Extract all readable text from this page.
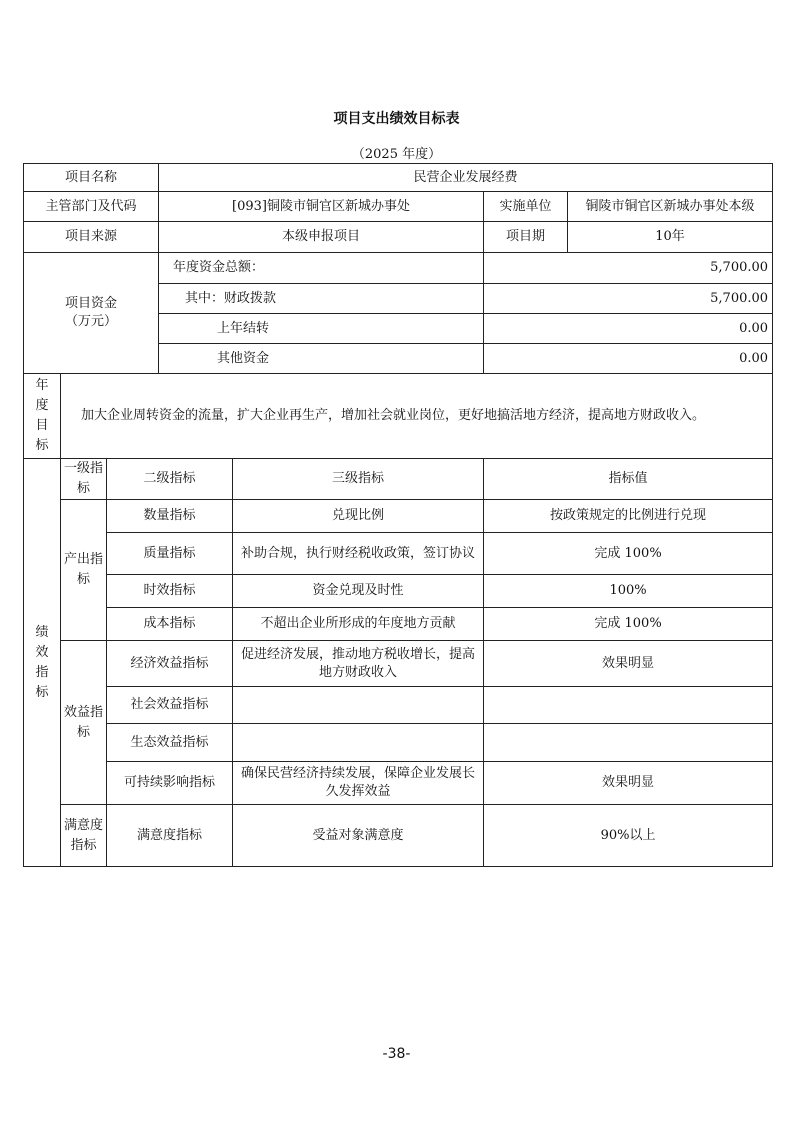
项目支出绩效目标表
（2025 年度）
项目名称			民营企业发展经费			
主管部门及代码			[093]铜陵市铜官区新城办事处		实施单位	铜陵市铜官区新城办事处本级
项目来源			本级申报项目		项目期	10年

项目资金
（万元）			年度资金总额：		5,700.00	
			其中：财政拨款		5,700.00	
			上年结转		0.00	
			其他资金		0.00	

年度目标	加大企业周转资金的流量，扩大企业再生产，增加社会就业岗位，更好地搞活地方经济，提高地方财政收入。					

绩效指标	一级指标	二级指标		三级指标	指标值	
	产出指标	数量指标		兑现比例	按政策规定的比例进行兑现	
		质量指标		补助合规，执行财经税收政策，签订协议	完成 100%	
		时效指标		资金兑现及时性	100%	
		成本指标		不超出企业所形成的年度地方贡献	完成 100%	
	效益指标	经济效益指标		促进经济发展，推动地方税收增长，提高地方财政收入	效果明显	
		社会效益指标				
		生态效益指标				
		可持续影响指标		确保民营经济持续发展，保障企业发展长久发挥效益	效果明显	
	满意度指标	满意度指标		受益对象满意度	90%以上	
-38-
